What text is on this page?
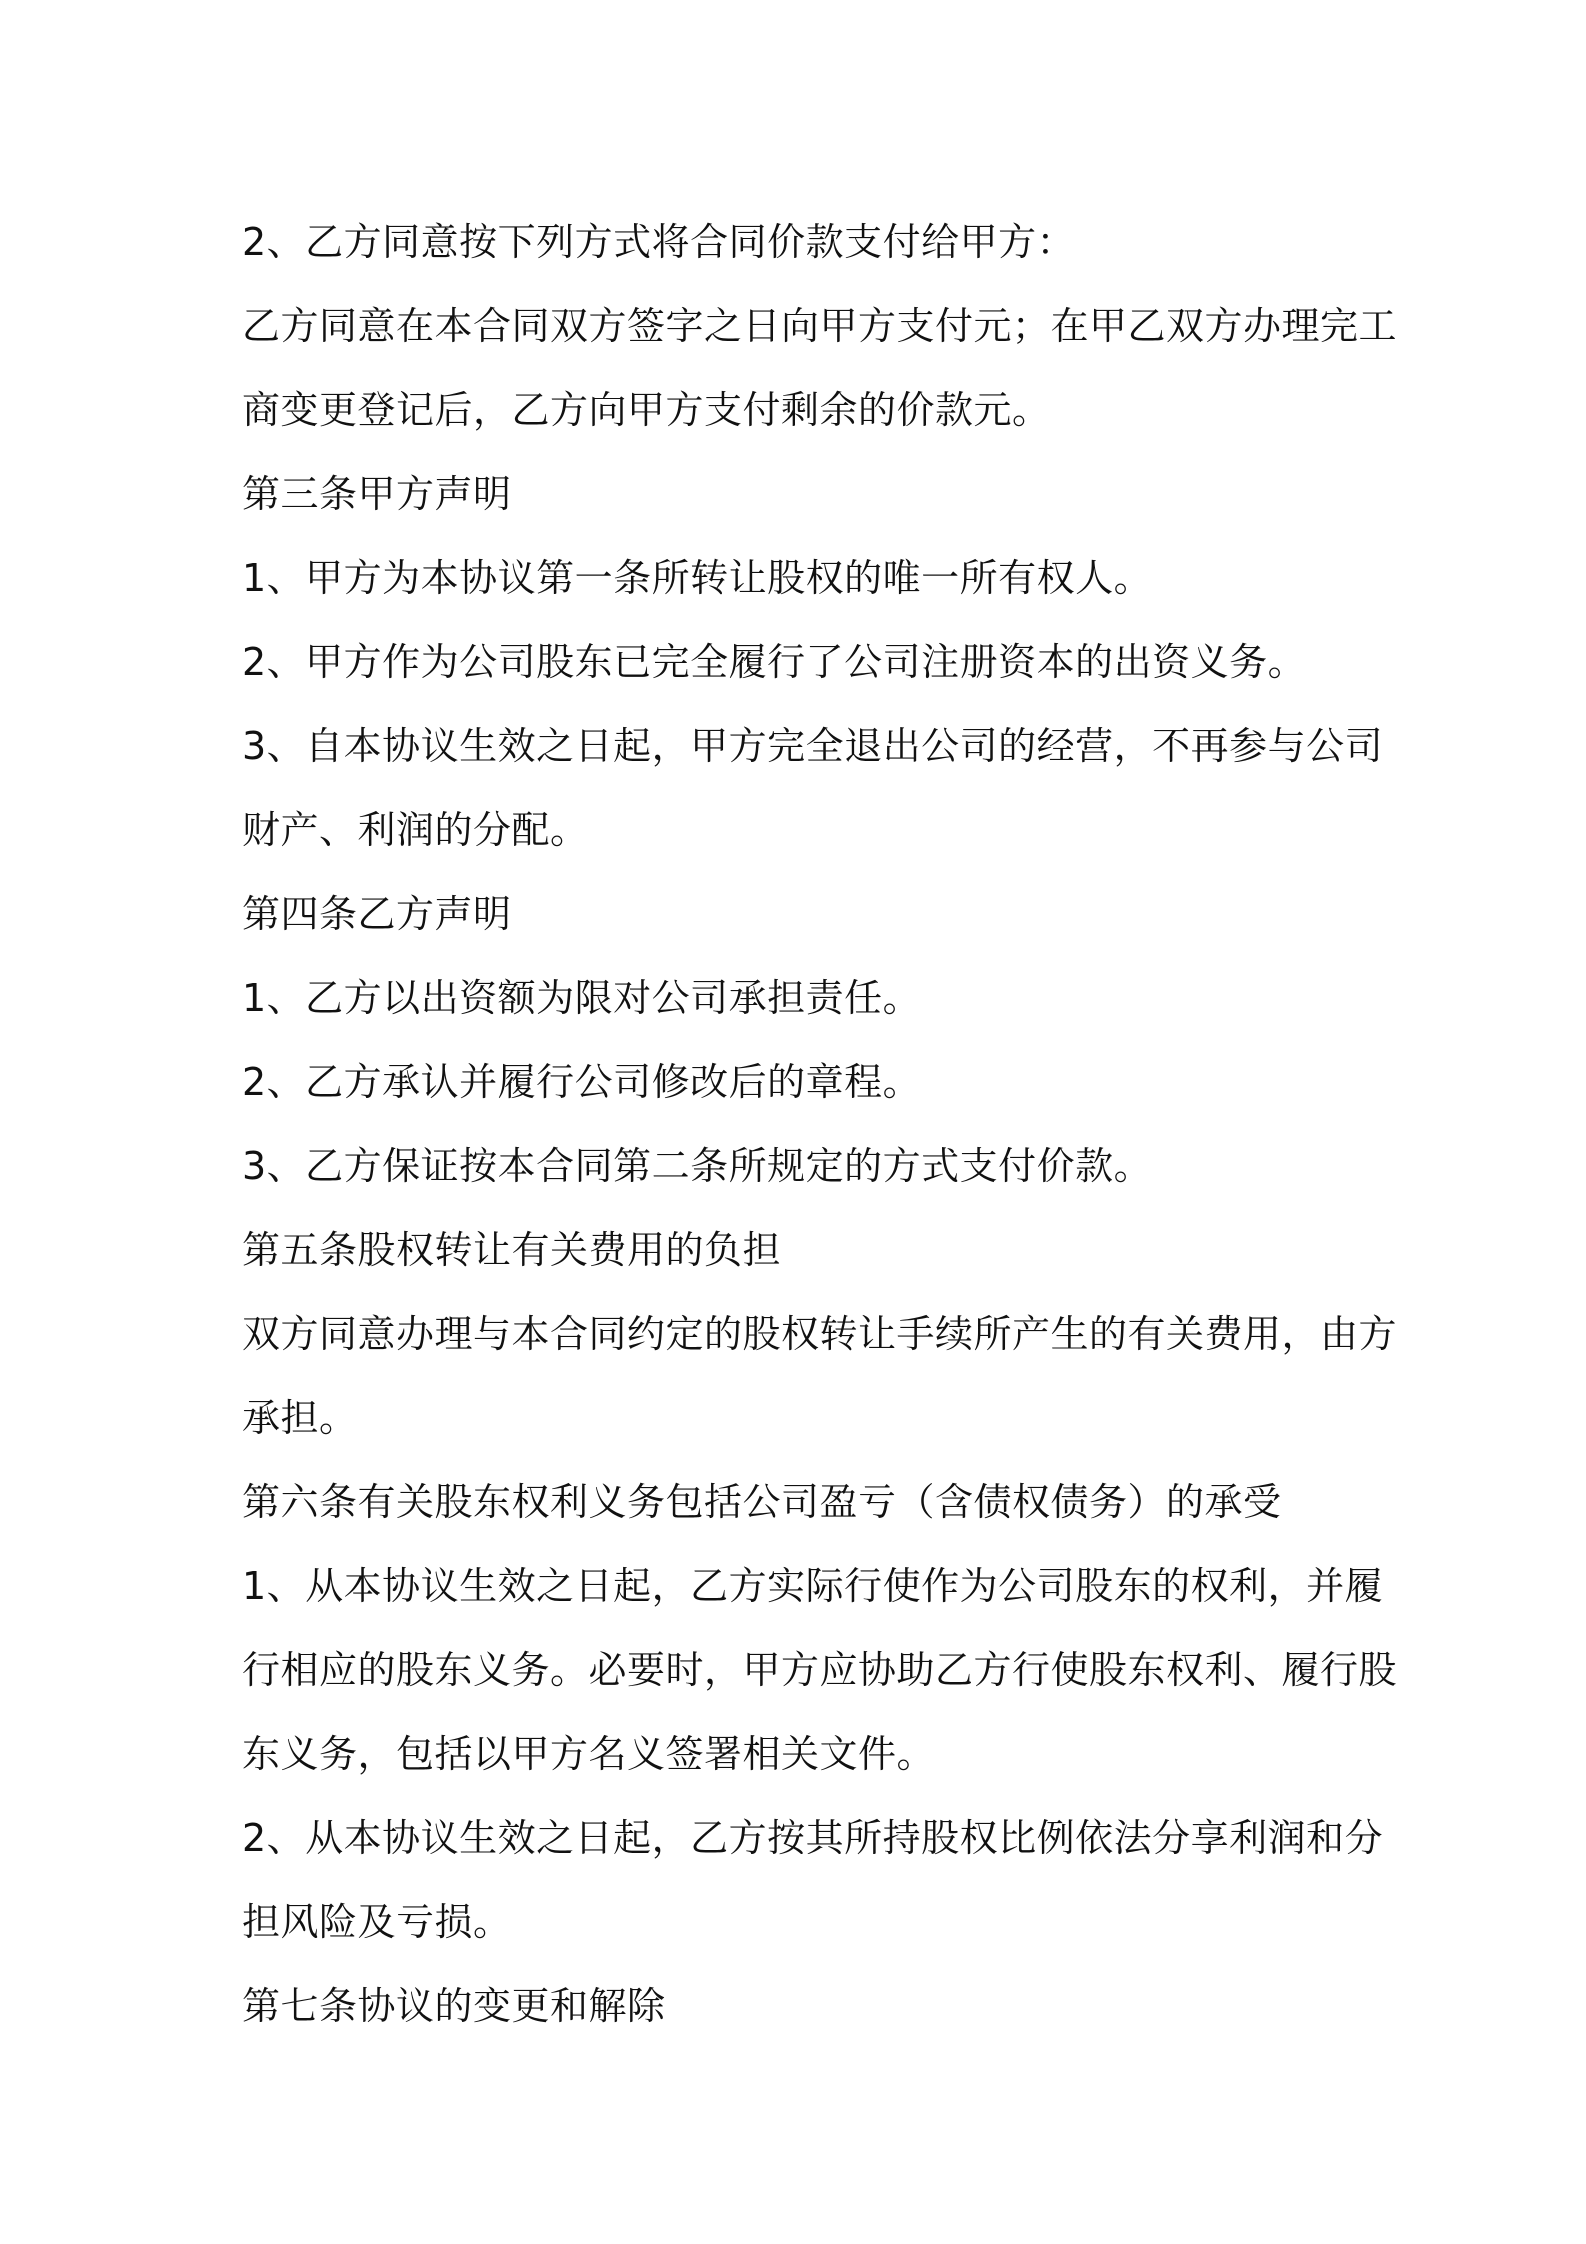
2、乙方同意按下列方式将合同价款支付给甲方：
乙方同意在本合同双方签字之日向甲方支付元；在甲乙双方办理完工
商变更登记后，乙方向甲方支付剩余的价款元。
第三条甲方声明
1、甲方为本协议第一条所转让股权的唯一所有权人。
2、甲方作为公司股东已完全履行了公司注册资本的出资义务。
3、自本协议生效之日起，甲方完全退出公司的经营，不再参与公司
财产、利润的分配。
第四条乙方声明
1、乙方以出资额为限对公司承担责任。
2、乙方承认并履行公司修改后的章程。
3、乙方保证按本合同第二条所规定的方式支付价款。
第五条股权转让有关费用的负担
双方同意办理与本合同约定的股权转让手续所产生的有关费用，由方
承担。
第六条有关股东权利义务包括公司盈亏（含债权债务）的承受
1、从本协议生效之日起，乙方实际行使作为公司股东的权利，并履
行相应的股东义务。必要时，甲方应协助乙方行使股东权利、履行股
东义务，包括以甲方名义签署相关文件。
2、从本协议生效之日起，乙方按其所持股权比例依法分享利润和分
担风险及亏损。
第七条协议的变更和解除
